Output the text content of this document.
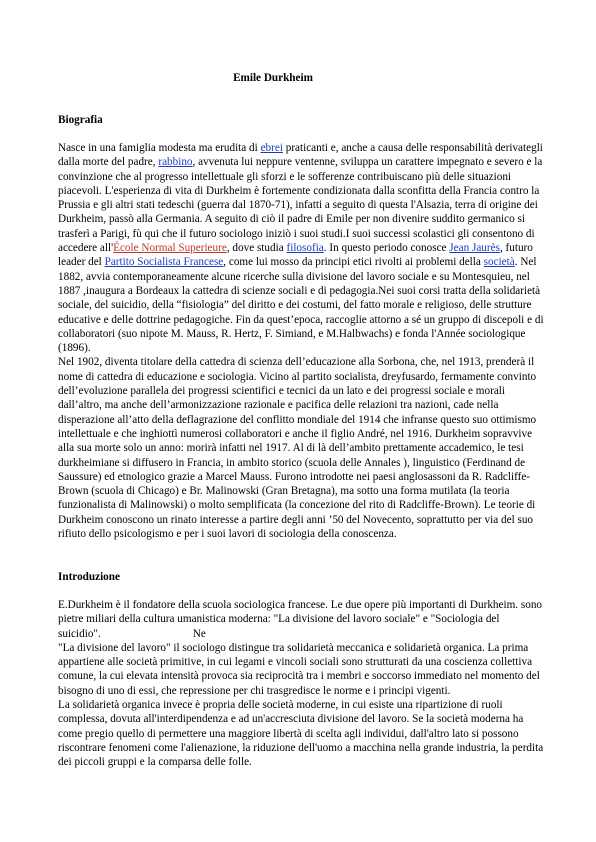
Emile Durkheim
Biografia

Nasce in una famiglia modesta ma erudita di ebrei praticanti e, anche a causa delle responsabilità derivategli dalla morte del padre, rabbino, avvenuta lui neppure ventenne, sviluppa un carattere impegnato e severo e la convinzione che al progresso intellettuale gli sforzi e le sofferenze contribuiscano più delle situazioni piacevoli. L'esperienza di vita di Durkheim è fortemente condizionata dalla sconfitta della Francia contro la Prussia e gli altri stati tedeschi (guerra dal 1870-71), infatti a seguito di questa l'Alsazia, terra di origine dei Durkheim, passò alla Germania. A seguito di ciò il padre di Emile per non divenire suddito germanico si trasferì a Parigi, fù qui che il futuro sociologo iniziò i suoi studi.I suoi successi scolastici gli consentono di accedere all'École Normal Superieure, dove studia filosofia. In questo periodo conosce Jean Jaurès, futuro leader del Partito Socialista Francese, come lui mosso da principi etici rivolti ai problemi della società. Nel 1882, avvia contemporaneamente alcune ricerche sulla divisione del lavoro sociale e su Montesquieu, nel 1887 ,inaugura a Bordeaux la cattedra di scienze sociali e di pedagogia.Nei suoi corsi tratta della solidarietà sociale, del suicidio, della “fisiologia” del diritto e dei costumi, del fatto morale e religioso, delle strutture educative e delle dottrine pedagogiche. Fin da quest’epoca, raccoglie attorno a sé un gruppo di discepoli e di collaboratori (suo nipote M. Mauss, R. Hertz, F. Simiand, e M.Halbwachs) e fonda l'Année sociologique (1896).

Nel 1902, diventa titolare della cattedra di scienza dell’educazione alla Sorbona, che, nel 1913, prenderà il nome di cattedra di educazione e sociologia. Vicino al partito socialista, dreyfusardo, fermamente convinto dell’evoluzione parallela dei progressi scientifici e tecnici da un lato e dei progressi sociale e morali dall’altro, ma anche dell’armonizzazione razionale e pacifica delle relazioni tra nazioni, cade nella disperazione all’atto della deflagrazione del conflitto mondiale del 1914 che infranse questo suo ottimismo intellettuale e che inghiottì numerosi collaboratori e anche il figlio André, nel 1916. Durkheim sopravvive alla sua morte solo un anno: morirà infatti nel 1917. Al di là dell’ambito prettamente accademico, le tesi durkheimiane si diffusero in Francia, in ambito storico (scuola delle Annales ), linguistico (Ferdinand de Saussure) ed etnologico grazie a Marcel Mauss. Furono introdotte nei paesi anglosassoni da R. Radcliffe-Brown (scuola di Chicago) e Br. Malinowski (Gran Bretagna), ma sotto una forma mutilata (la teoria funzionalista di Malinowski) o molto semplificata (la concezione del rito di Radcliffe-Brown). Le teorie di Durkheim conoscono un rinato interesse a partire degli anni ’50 del Novecento, soprattutto per via del suo rifiuto dello psicologismo e per i suoi lavori di sociologia della conoscenza.

Introduzione

E.Durkheim è il fondatore della scuola sociologica francese. Le due opere più importanti di Durkheim. sono pietre miliari della cultura umanistica moderna: "La divisione del lavoro sociale" e "Sociologia del suicidio".	Ne

"La divisione del lavoro" il sociologo distingue tra solidarietà meccanica e solidarietà organica. La prima appartiene alle società primitive, in cui legami e vincoli sociali sono strutturati da una coscienza collettiva comune, la cui elevata intensità provoca sia reciprocità tra i membri e soccorso immediato nel momento del bisogno di uno di essi, che repressione per chi trasgredisce le norme e i principi vigenti.

La solidarietà organica invece è propria delle società moderne, in cui esiste una ripartizione di ruoli complessa, dovuta all'interdipendenza e ad un'accresciuta divisione del lavoro. Se la società moderna ha come pregio quello di permettere una maggiore libertà di scelta agli individui, dall'altro lato si possono riscontrare fenomeni come l'alienazione, la riduzione dell'uomo a macchina nella grande industria, la perdita dei piccoli gruppi e la comparsa delle folle.
